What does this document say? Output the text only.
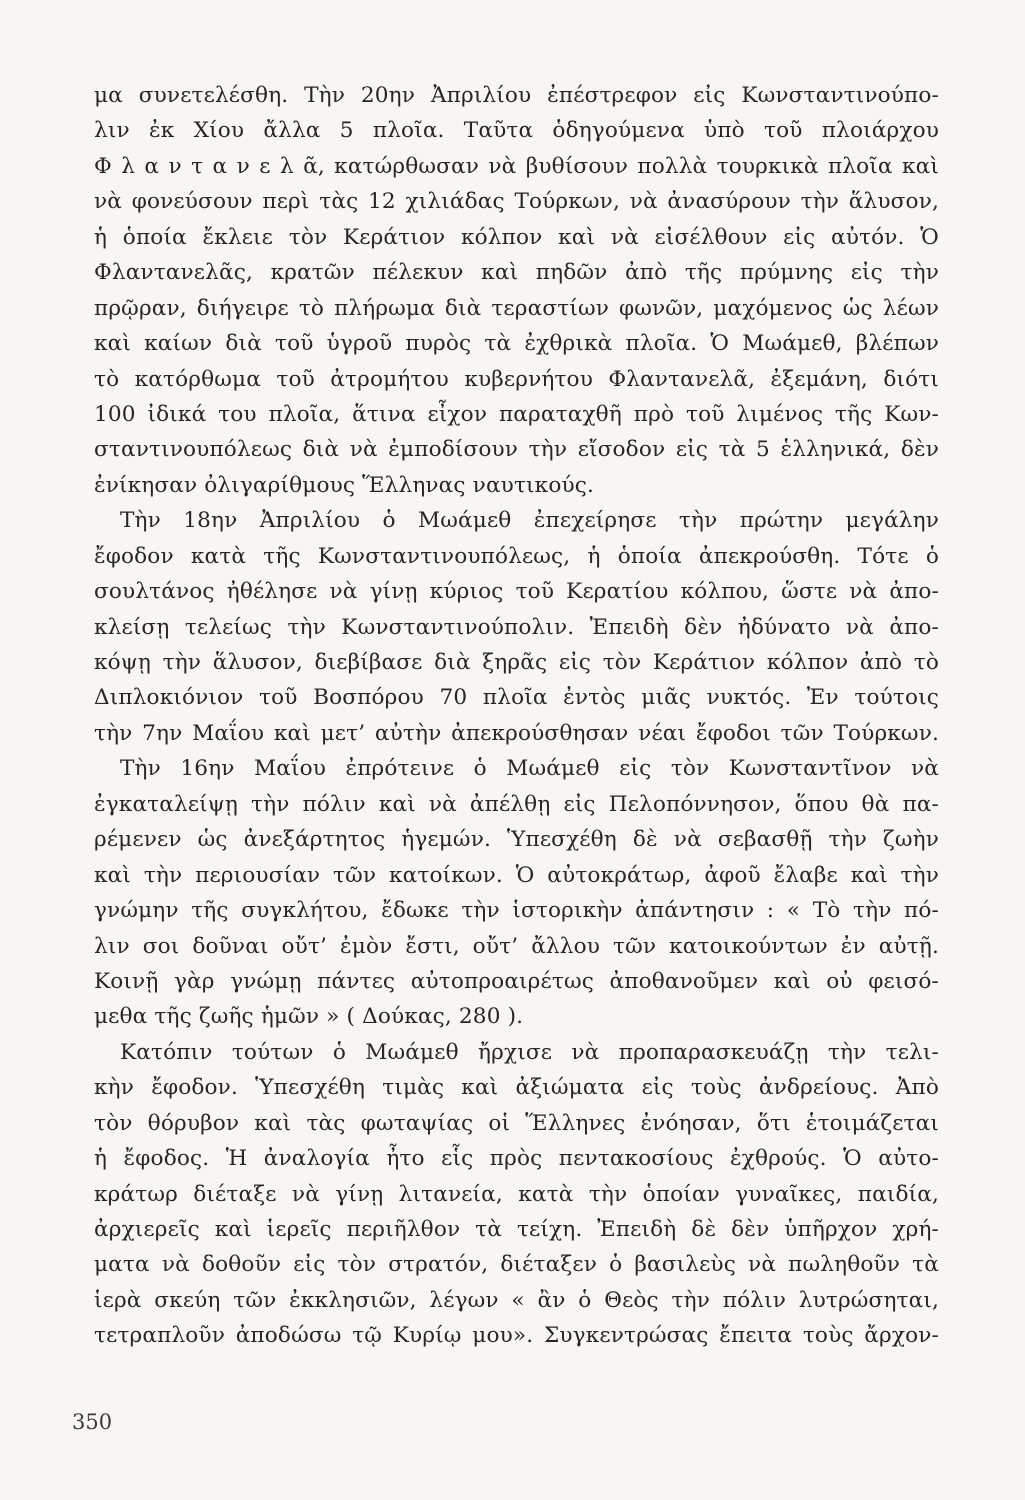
μα συνετελέσθη. Τὴν 20ην Ἀπριλίου ἐπέστρεφον εἰς Κωνσταντινούπο-
λιν ἐκ Χίου ἄλλα 5 πλοῖα. Ταῦτα ὁδηγούμενα ὑπὸ τοῦ πλοιάρχου
Φ λ α ν τ α ν ε λ ᾶ, κατώρθωσαν νὰ βυθίσουν πολλὰ τουρκικὰ πλοῖα καὶ
νὰ φονεύσουν περὶ τὰς 12 χιλιάδας Τούρκων, νὰ ἀνασύρουν τὴν ἅλυσον,
ἡ ὁποία ἔκλειε τὸν Κεράτιον κόλπον καὶ νὰ εἰσέλθουν εἰς αὐτόν. Ὁ
Φλαντανελᾶς, κρατῶν πέλεκυν καὶ πηδῶν ἀπὸ τῆς πρύμνης εἰς τὴν
πρῷραν, διήγειρε τὸ πλήρωμα διὰ τεραστίων φωνῶν, μαχόμενος ὡς λέων
καὶ καίων διὰ τοῦ ὑγροῦ πυρὸς τὰ ἐχθρικὰ πλοῖα. Ὁ Μωάμεθ, βλέπων
τὸ κατόρθωμα τοῦ ἀτρομήτου κυβερνήτου Φλαντανελᾶ, ἐξεμάνη, διότι
100 ἰδικά του πλοῖα, ἅτινα εἶχον παραταχθῆ πρὸ τοῦ λιμένος τῆς Κων-
σταντινουπόλεως διὰ νὰ ἐμποδίσουν τὴν εἴσοδον εἰς τὰ 5 ἑλληνικά, δὲν
ἐνίκησαν ὀλιγαρίθμους Ἕλληνας ναυτικούς.
Τὴν 18ην Ἀπριλίου ὁ Μωάμεθ ἐπεχείρησε τὴν πρώτην μεγάλην
ἔφοδον κατὰ τῆς Κωνσταντινουπόλεως, ἡ ὁποία ἀπεκρούσθη. Τότε ὁ
σουλτάνος ἠθέλησε νὰ γίνῃ κύριος τοῦ Κερατίου κόλπου, ὥστε νὰ ἀπο-
κλείσῃ τελείως τὴν Κωνσταντινούπολιν. Ἐπειδὴ δὲν ἠδύνατο νὰ ἀπο-
κόψῃ τὴν ἅλυσον, διεβίβασε διὰ ξηρᾶς εἰς τὸν Κεράτιον κόλπον ἀπὸ τὸ
Διπλοκιόνιον τοῦ Βοσπόρου 70 πλοῖα ἐντὸς μιᾶς νυκτός. Ἐν τούτοις
τὴν 7ην Μαΐου καὶ μετ’ αὐτὴν ἀπεκρούσθησαν νέαι ἔφοδοι τῶν Τούρκων.
Τὴν 16ην Μαΐου ἐπρότεινε ὁ Μωάμεθ εἰς τὸν Κωνσταντῖνον νὰ
ἐγκαταλείψῃ τὴν πόλιν καὶ νὰ ἀπέλθῃ εἰς Πελοπόννησον, ὅπου θὰ πα-
ρέμενεν ὡς ἀνεξάρτητος ἡγεμών. Ὑπεσχέθη δὲ νὰ σεβασθῇ τὴν ζωὴν
καὶ τὴν περιουσίαν τῶν κατοίκων. Ὁ αὐτοκράτωρ, ἀφοῦ ἔλαβε καὶ τὴν
γνώμην τῆς συγκλήτου, ἔδωκε τὴν ἱστορικὴν ἀπάντησιν : « Τὸ τὴν πό-
λιν σοι δοῦναι οὔτ’ ἐμὸν ἔστι, οὔτ’ ἄλλου τῶν κατοικούντων ἐν αὐτῇ.
Κοινῇ γὰρ γνώμῃ πάντες αὐτοπροαιρέτως ἀποθανοῦμεν καὶ οὐ φεισό-
μεθα τῆς ζωῆς ἡμῶν » ( Δούκας, 280 ).
Κατόπιν τούτων ὁ Μωάμεθ ἤρχισε νὰ προπαρασκευάζῃ τὴν τελι-
κὴν ἔφοδον. Ὑπεσχέθη τιμὰς καὶ ἀξιώματα εἰς τοὺς ἀνδρείους. Ἀπὸ
τὸν θόρυβον καὶ τὰς φωταψίας οἱ Ἕλληνες ἐνόησαν, ὅτι ἑτοιμάζεται
ἡ ἔφοδος. Ἡ ἀναλογία ἦτο εἷς πρὸς πεντακοσίους ἐχθρούς. Ὁ αὐτο-
κράτωρ διέταξε νὰ γίνῃ λιτανεία, κατὰ τὴν ὁποίαν γυναῖκες, παιδία,
ἀρχιερεῖς καὶ ἱερεῖς περιῆλθον τὰ τείχη. Ἐπειδὴ δὲ δὲν ὑπῆρχον χρή-
ματα νὰ δοθοῦν εἰς τὸν στρατόν, διέταξεν ὁ βασιλεὺς νὰ πωληθοῦν τὰ
ἱερὰ σκεύη τῶν ἐκκλησιῶν, λέγων « ἂν ὁ Θεὸς τὴν πόλιν λυτρώσηται,
τετραπλοῦν ἀποδώσω τῷ Κυρίῳ μου». Συγκεντρώσας ἔπειτα τοὺς ἄρχον-
350
